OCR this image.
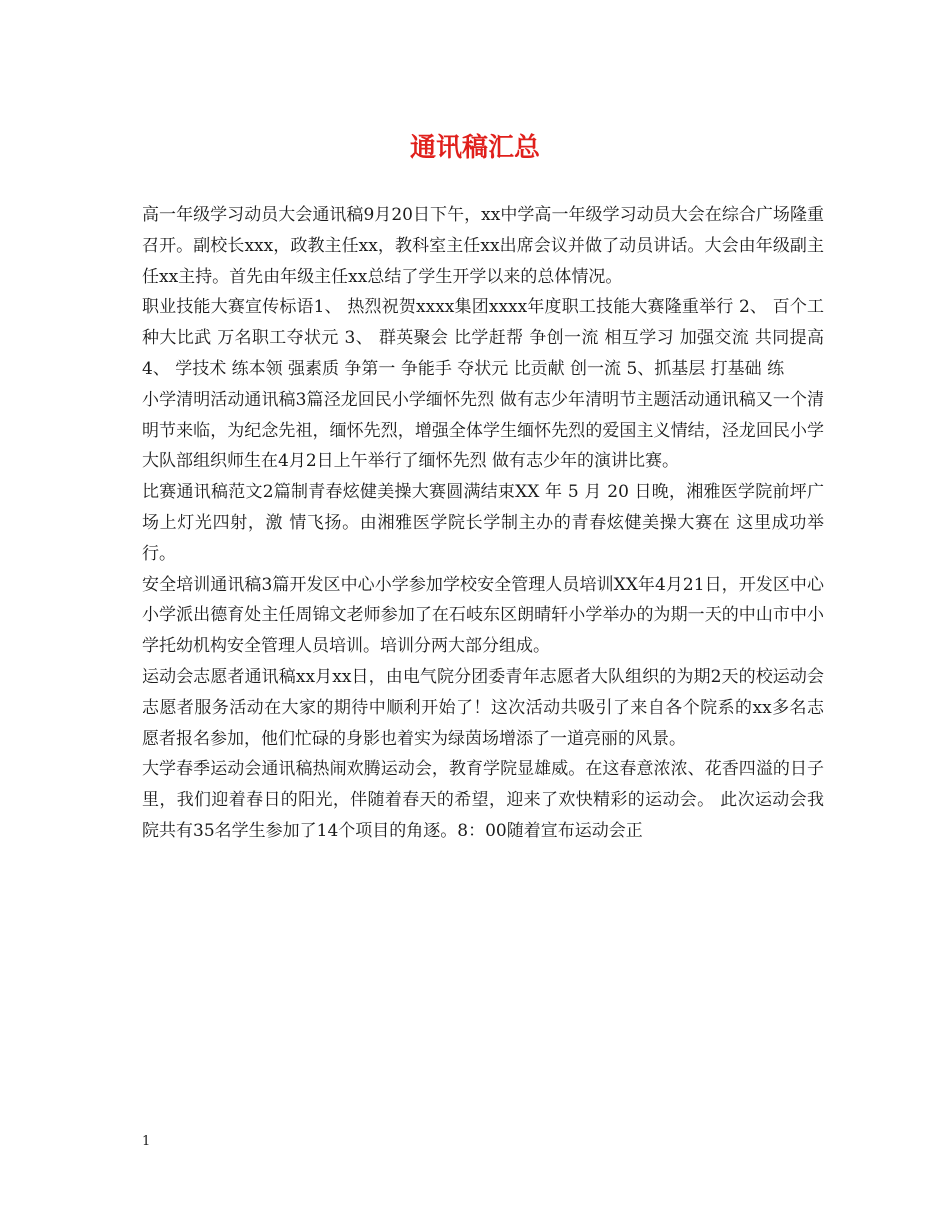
通讯稿汇总

高一年级学习动员大会通讯稿9月20日下午，xx中学高一年级学习动员大会在综合广场隆重召开。副校长xxx，政教主任xx，教科室主任xx出席会议并做了动员讲话。大会由年级副主任xx主持。首先由年级主任xx总结了学生开学以来的总体情况。

职业技能大赛宣传标语1、 热烈祝贺xxxx集团xxxx年度职工技能大赛隆重举行 2、 百个工种大比武 万名职工夺状元 3、 群英聚会 比学赶帮 争创一流 相互学习 加强交流 共同提高 4、 学技术 练本领 强素质 争第一 争能手 夺状元 比贡献 创一流 5、抓基层 打基础 练

小学清明活动通讯稿3篇泾龙回民小学缅怀先烈 做有志少年清明节主题活动通讯稿又一个清明节来临，为纪念先祖，缅怀先烈，增强全体学生缅怀先烈的爱国主义情结，泾龙回民小学大队部组织师生在4月2日上午举行了缅怀先烈 做有志少年的演讲比赛。

比赛通讯稿范文2篇制青春炫健美操大赛圆满结束XX 年 5 月 20 日晚，湘雅医学院前坪广场上灯光四射，激 情飞扬。由湘雅医学院长学制主办的青春炫健美操大赛在 这里成功举行。

安全培训通讯稿3篇开发区中心小学参加学校安全管理人员培训XX年4月21日，开发区中心小学派出德育处主任周锦文老师参加了在石岐东区朗晴轩小学举办的为期一天的中山市中小学托幼机构安全管理人员培训。培训分两大部分组成。

运动会志愿者通讯稿xx月xx日，由电气院分团委青年志愿者大队组织的为期2天的校运动会志愿者服务活动在大家的期待中顺利开始了！这次活动共吸引了来自各个院系的xx多名志愿者报名参加，他们忙碌的身影也着实为绿茵场增添了一道亮丽的风景。

大学春季运动会通讯稿热闹欢腾运动会，教育学院显雄威。在这春意浓浓、花香四溢的日子里，我们迎着春日的阳光，伴随着春天的希望，迎来了欢快精彩的运动会。 此次运动会我院共有35名学生参加了14个项目的角逐。8：00随着宣布运动会正

1
